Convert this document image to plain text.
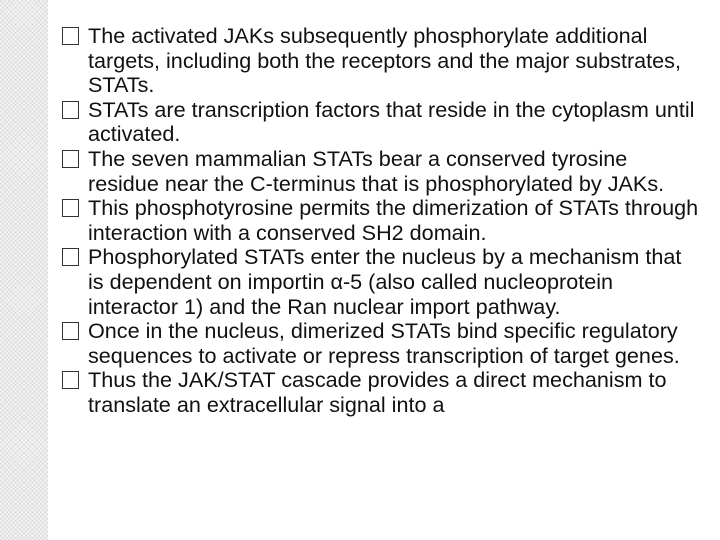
The activated JAKs subsequently phosphorylate additional targets, including both the receptors and the major substrates, STATs.
STATs are transcription factors that reside in the cytoplasm until activated.
The seven mammalian STATs bear a conserved tyrosine residue near the C-terminus that is phosphorylated by JAKs.
This phosphotyrosine permits the dimerization of STATs through interaction with a conserved SH2 domain.
Phosphorylated STATs enter the nucleus by a mechanism that is dependent on importin α-5 (also called nucleoprotein interactor 1) and the Ran nuclear import pathway.
Once in the nucleus, dimerized STATs bind specific regulatory sequences to activate or repress transcription of target genes.
Thus the JAK/STAT cascade provides a direct mechanism to translate an extracellular signal into a
